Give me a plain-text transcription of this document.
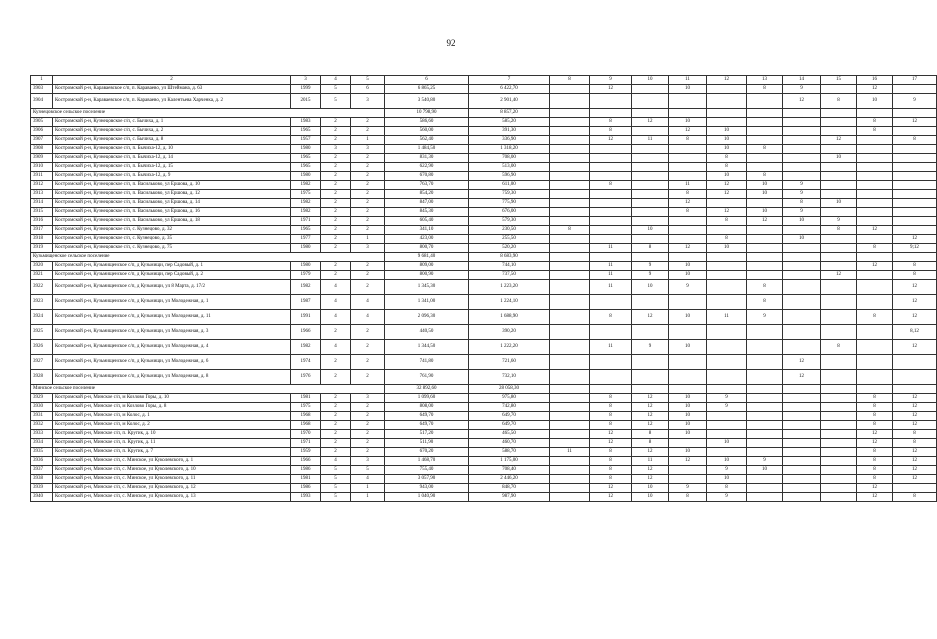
92
1	2	3	4	5	6	7	8	9	10	11	12	13	14	15	16	17
3903	Костромской р-н, Караваевское с/п, п. Караваево, ул Штеймана, д. 63	1999	5	6	6 865,25	6 422,70		12		10		8	9		12	
3904	Костромской р-н, Караваевское с/п, п. Караваево, ул Калентьева Харченка, д. 2	2015	5	3	3 540,80	2 901,40							12	8	10	9
Кузнецовское сельское поселение					10 798,90	8 857,20										
3905	Костромской р-н, Кузнецовское с/п, с. Бычиха, д. 1	1983	2	2	586,60	585,20		8	12	10					8	12
3906	Костромской р-н, Кузнецовское с/п, с. Бычиха, д. 2	1965	2	2	560,00	391,30		8		12	10				8	
3907	Костромской р-н, Кузнецовское с/п, с. Бычиха, д. 8	1957	2	1	562,40	336,90		12	11	8	10			12		8
3908	Костромской р-н, Кузнецовское с/п, п. Бычиха-12, д. 10	1980	3	3	1 484,50	1 318,20					10	8				
3909	Костромской р-н, Кузнецовское с/п, п. Бычиха-12, д. 14	1965	2	2	831,30	708,00					8			10		
3910	Костромской р-н, Кузнецовское с/п, п. Бычиха-12, д. 15	1965	2	2	622,90	513,00					8					
3911	Костромской р-н, Кузнецовское с/п, п. Бычиха-12, д. 9	1980	2	2	670,80	596,90					10	8				
3912	Костромской р-н, Кузнецовское с/п, п. Васильково, ул Ершова, д. 10	1982	2	2	763,70	611,00		8		11	12	10	9			
3913	Костромской р-н, Кузнецовское с/п, п. Васильково, ул Ершова, д. 12	1975	2	2	854,20	759,30				8	12	10	9			
3914	Костромской р-н, Кузнецовское с/п, п. Васильково, ул Ершова, д. 14	1982	2	2	847,00	775,90				12			8	10		
3915	Костромской р-н, Кузнецовское с/п, п. Васильково, ул Ершова, д. 16	1982	2	2	845,30	676,00				8	12	10	9			
3916	Костромской р-н, Кузнецовское с/п, п. Васильково, ул Ершова, д. 18	1971	2	2	605,40	579,30					8	12	10	9		
3917	Костромской р-н, Кузнецовское с/п, с. Кузнецово, д. 32	1965	2	2	341,10	230,50	8		10					8	12	
3918	Костромской р-н, Кузнецовское с/п, с. Кузнецово, д. 35	1977	2	1	423,00	255,50					8		10			12
3919	Костромской р-н, Кузнецовское с/п, с. Кузнецово, д. 75	1980	2	3	800,70	520,20		11	8	12	10				8	9;12
Кузьмищенское сельское поселение					9 681,40	8 683,90										
3920	Костромской р-н, Кузьмищенское с/п, д Кузьмищи, пер Садовый, д. 1	1980	2	2	809,00	744,10		11	9	10					12	8
3921	Костромской р-н, Кузьмищенское с/п, д Кузьмищи, пер Садовый, д. 2	1979	2	2	800,90	737,50		11	9	10				12		8
3922	Костромской р-н, Кузьмищенское с/п, д Кузьмищи, ул 8 Марта, д. 17/2	1982	4	2	1 345,30	1 223,20		11	10	9		8				12
3923	Костромской р-н, Кузьмищенское с/п, д Кузьмищи, ул Молодежная, д. 1	1987	4	4	1 341,00	1 224,10						8				12
3924	Костромской р-н, Кузьмищенское с/п, д Кузьмищи, ул Молодежная, д. 11	1991	4	4	2 096,30	1 688,90		8	12	10	11	9			8	12
3925	Костромской р-н, Кузьмищенское с/п, д Кузьмищи, ул Молодежная, д. 3	1966	2	2	440,50	390,20										8,12
3926	Костромской р-н, Кузьмищенское с/п, д Кузьмищи, ул Молодежная, д. 4	1982	4	2	1 344,50	1 222,20		11	9	10				8		12
3927	Костромской р-н, Кузьмищенское с/п, д Кузьмищи, ул Молодежная, д. 6	1974	2	2	741,80	721,60							12			
3928	Костромской р-н, Кузьмищенское с/п, д Кузьмищи, ул Молодежная, д. 8	1976	2	2	761,90	732,10							12			
Минское сельское поселение					32 892,60	28 058,30										
3929	Костромской р-н, Минское с/п, м Козлово Горы, д. 10	1981	2	3	1 099,60	975,80		8	12	10	9				8	12
3930	Костромской р-н, Минское с/п, м Козлово Горы, д. 8	1975	2	2	808,00	742,80		8	12	10	9				8	12
3931	Костромской р-н, Минское с/п, м Колос, д. 1	1968	2	2	649,70	649,70		8	12	10					8	12
3932	Костромской р-н, Минское с/п, м Колос, д. 2	1968	2	2	649,70	649,70		8	12	10					8	12
3933	Костромской р-н, Минское с/п, п. Кругик, д. 10	1970	2	2	517,20	465,50		12	8	10					12	8
3934	Костромской р-н, Минское с/п, п. Кругик, д. 11	1971	2	2	511,90	460,70		12	8		10				12	8
3935	Костромской р-н, Минское с/п, п. Кругик, д. 7	1959	2	2	670,20	588,70	11	8	12	10					8	12
3936	Костромской р-н, Минское с/п, с. Минское, ул Куколевского, д. 1	1966	4	3	1 468,70	1 175,00		8	11	12	10	9			8	12
3937	Костромской р-н, Минское с/п, с. Минское, ул Куколевского, д. 10	1986	5	5	755,40	708,40		8	12		9	10			8	12
3938	Костромской р-н, Минское с/п, с. Минское, ул Куколевского, д. 11	1981	5	4	3 057,90	2 446,20		8	12		10				8	12
3939	Костромской р-н, Минское с/п, с. Минское, ул Куколевского, д. 12	1986	5	1	943,00	848,70		12	10	9	8				12	
3940	Костромской р-н, Минское с/п, с. Минское, ул Куколевского, д. 13	1993	5	1	1 040,90	987,90		12	10	8	9				12	8
